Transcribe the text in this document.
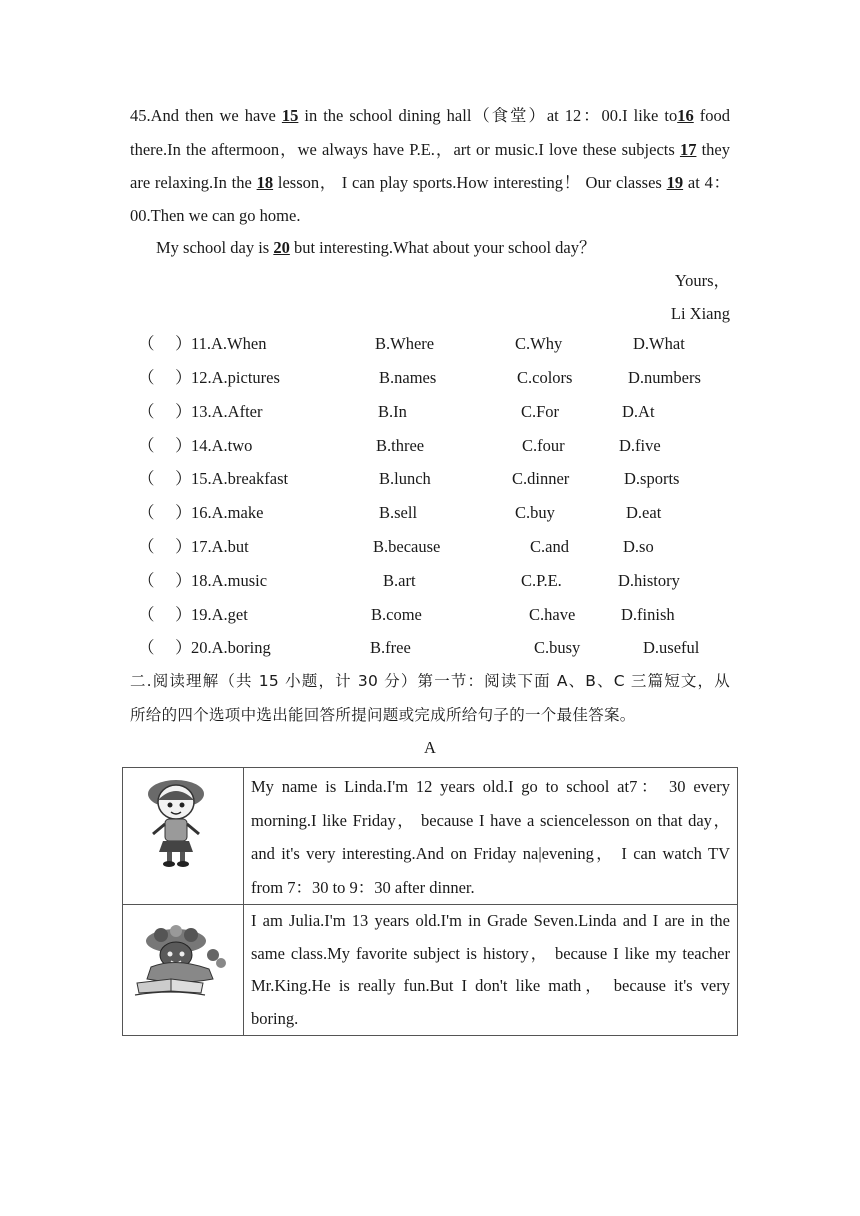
45.And then we have 15 in the school dining hall（食堂）at 12：00.I like to16 food
there.In the aftermoon，we always have P.E.，art or music.I love these subjects 17 they
are relaxing.In the 18 lesson， I can play sports.How interesting！ Our classes 19 at 4：
00.Then we can go home.
My school day is 20 but interesting.What about your school day？
Yours，
Li Xiang
（　 ） 11.A.When	B.Where	C.Why	D.What
（　 ） 12.A.pictures	B.names	C.colors	D.numbers
（　 ） 13.A.After	B.In	C.For	D.At
（　 ） 14.A.two	B.three	C.four	D.five
（　 ） 15.A.breakfast	B.lunch	C.dinner	D.sports
（　 ） 16.A.make	B.sell	C.buy	D.eat
（　 ） 17.A.but	B.because	C.and	D.so
（　 ） 18.A.music	B.art	C.P.E.	D.history
（　 ） 19.A.get	B.come	C.have	D.finish
（　 ） 20.A.boring	B.free	C.busy	D.useful
二.阅读理解（共 15 小题，计 30 分）第一节：阅读下面 A、B、C 三篇短文，从
所给的四个选项中选出能回答所提问题或完成所给句子的一个最佳答案。
A
	My name is Linda.I'm 12 years old.I go to school at7： 30 every morning.I like Friday， because I have a sciencelesson on that day， and it's very interesting.And on Friday na|evening， I can watch TV from 7：30 to 9：30 after dinner.

	I am Julia.I'm 13 years old.I'm in Grade Seven.Linda and I are in the same class.My favorite subject is history， because I like my teacher Mr.King.He is really fun.But I don't like math， because it's very boring.
